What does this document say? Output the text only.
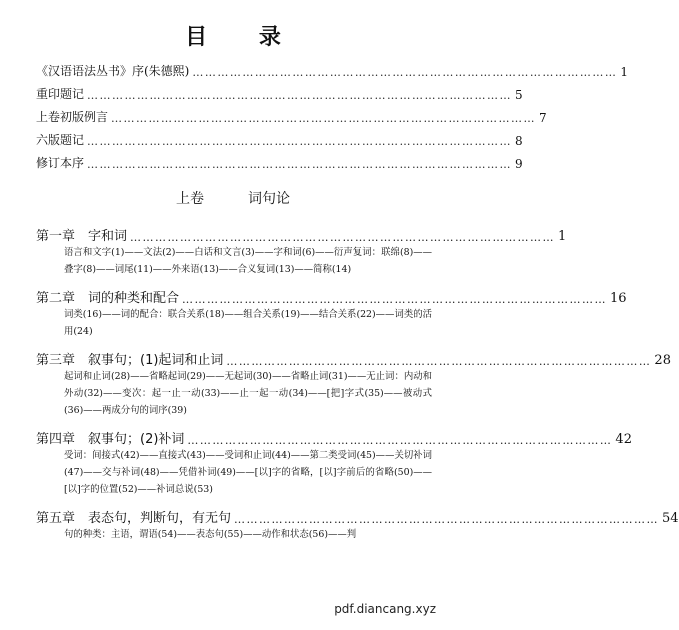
目 录
《汉语语法丛书》序(朱德熙) ………………………………………………………………………………………… 1
重印题记 ………………………………………………………………………………………… 5
上卷初版例言 ………………………………………………………………………………………… 7
六版题记 ………………………………………………………………………………………… 8
修订本序 ………………………………………………………………………………………… 9
上卷	词句论
第一章　字和词 ………………………………………………………………………………………… 1
语言和文字(1)——文法(2)——白话和文言(3)——字和词(6)——衍声复词：联绵(8)——叠字(8)——词尾(11)——外来语(13)——合义复词(13)——简称(14)
第二章　词的种类和配合 ………………………………………………………………………………………… 16
词类(16)——词的配合：联合关系(18)——组合关系(19)——结合关系(22)——词类的活用(24)
第三章　叙事句；(1)起词和止词 ………………………………………………………………………………………… 28
起词和止词(28)——省略起词(29)——无起词(30)——省略止词(31)——无止词：内动和外动(32)——变次：起一止一动(33)——止一起一动(34)——[把]字式(35)——被动式(36)——两成分句的词序(39)
第四章　叙事句；(2)补词 ………………………………………………………………………………………… 42
受词：间接式(42)——直接式(43)——受词和止词(44)——第二类受词(45)——关切补词(47)——交与补词(48)——凭借补词(49)——[以]字的省略，[以]字前后的省略(50)——[以]字的位置(52)——补词总说(53)
第五章　表态句，判断句，有无句 ………………………………………………………………………………………… 54
句的种类：主语，谓语(54)——表态句(55)——动作和状态(56)——判
pdf.diancang.xyz
